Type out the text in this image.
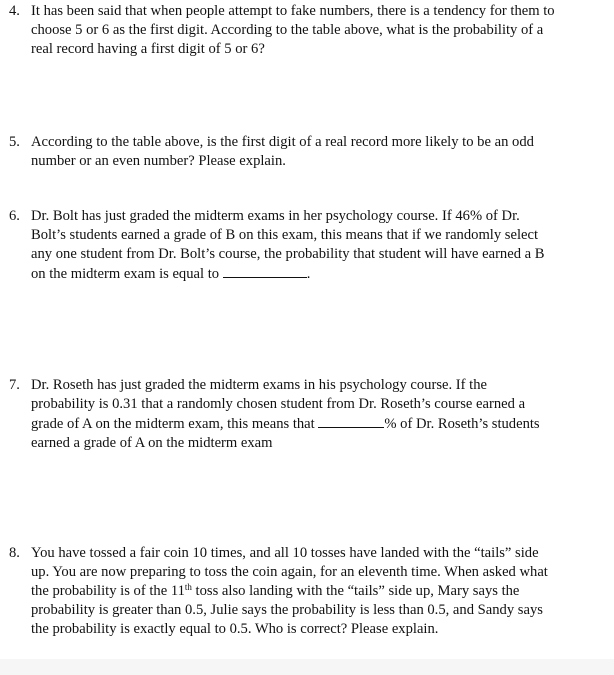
4. It has been said that when people attempt to fake numbers, there is a tendency for them to
choose 5 or 6 as the first digit. According to the table above, what is the probability of a
real record having a first digit of 5 or 6?
5. According to the table above, is the first digit of a real record more likely to be an odd
number or an even number? Please explain.
6. Dr. Bolt has just graded the midterm exams in her psychology course. If 46% of Dr.
Bolt’s students earned a grade of B on this exam, this means that if we randomly select
any one student from Dr. Bolt’s course, the probability that student will have earned a B
on the midterm exam is equal to	.
7. Dr. Roseth has just graded the midterm exams in his psychology course. If the
probability is 0.31 that a randomly chosen student from Dr. Roseth’s course earned a
grade of A on the midterm exam, this means that	% of Dr. Roseth’s students
earned a grade of A on the midterm exam
8. You have tossed a fair coin 10 times, and all 10 tosses have landed with the “tails” side
up. You are now preparing to toss the coin again, for an eleventh time. When asked what
the probability is of the 11th toss also landing with the “tails” side up, Mary says the
probability is greater than 0.5, Julie says the probability is less than 0.5, and Sandy says
the probability is exactly equal to 0.5. Who is correct? Please explain.
